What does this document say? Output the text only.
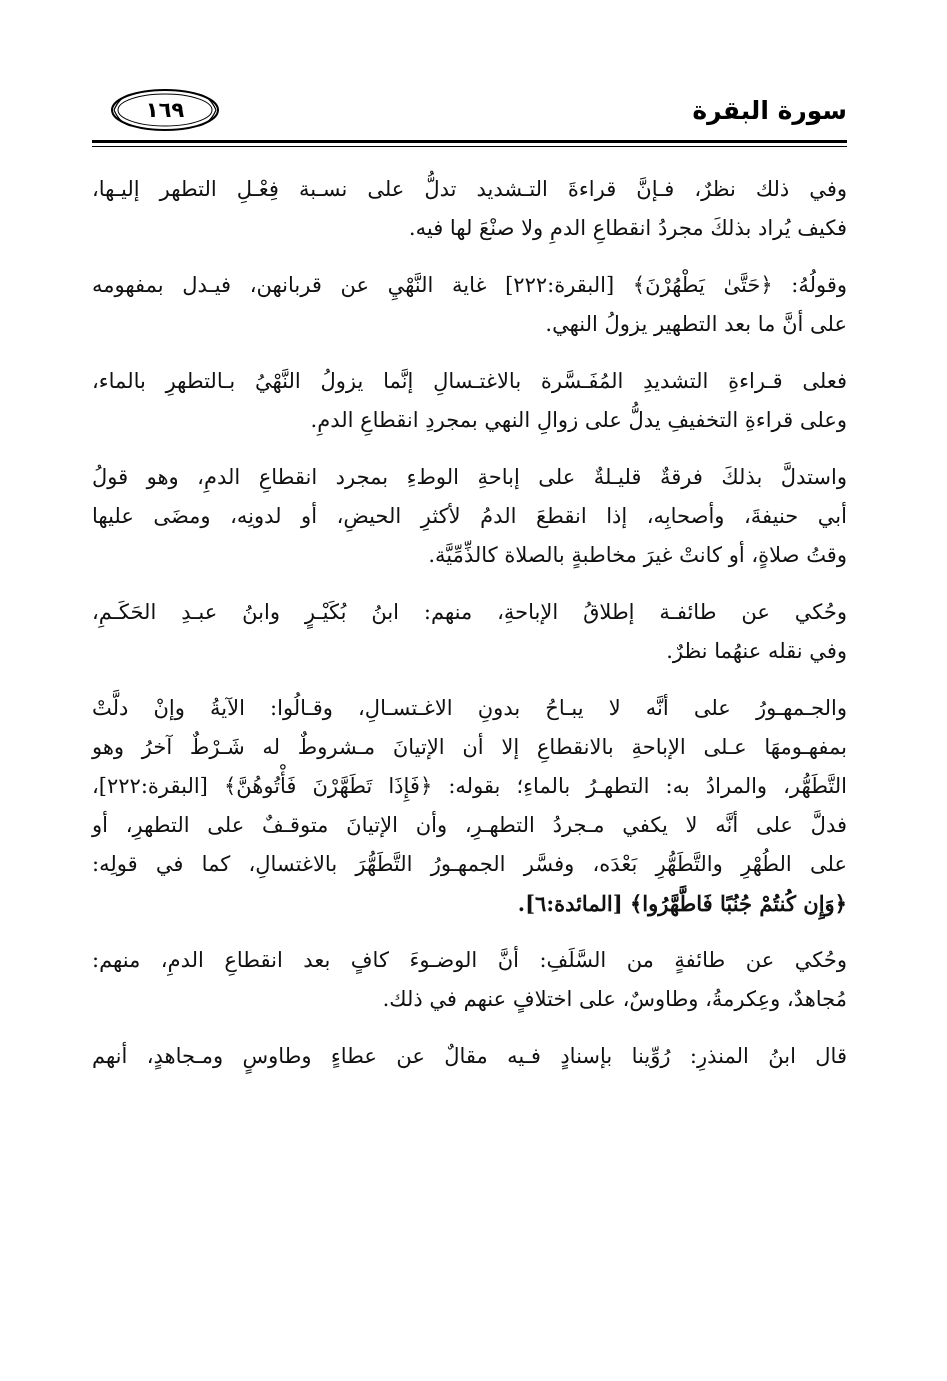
سورة البقرة
١٦٩

وفي ذلك نظرٌ، فـإنَّ قراءةَ التـشديد تدلُّ على نسـبة فِعْـلِ التطهر إليـها،
فكيف يُراد بذلكَ مجردُ انقطاعِ الدمِ ولا صنْعَ لها فيه.

وقولُهُ: ﴿حَتَّىٰ يَطْهُرْنَ﴾ [البقرة:٢٢٢] غاية النَّهْيِ عن قربانهن، فيـدل بمفهومه
على أنَّ ما بعد التطهير يزولُ النهي.

فعلى قـراءةِ التشديدِ المُفَـسَّرة بالاغتـسالِ إنَّما يزولُ النَّهْيُ بـالتطهرِ بالماء،
وعلى قراءةِ التخفيفِ يدلُّ على زوالِ النهي بمجردِ انقطاعِ الدمِ.

واستدلَّ بذلكَ فرقةٌ قليـلةٌ على إباحةِ الوطءِ بمجرد انقطاعِ الدمِ، وهو قولُ
أبي حنيفةَ، وأصحابِه، إذا انقطعَ الدمُ لأكثرِ الحيضِ، أو لدونِه، ومضَى عليها
وقتُ صلاةٍ، أو كانتْ غيرَ مخاطبةٍ بالصلاة كالذِّمِّيَّة.

وحُكي عن طائفـة إطلاقُ الإباحةِ، منهم: ابنُ بُكَيْـرٍ وابنُ عبـدِ الحَكَـمِ،
وفي نقله عنهُما نظرٌ.

والجـمهـورُ على أنَّه لا يبـاحُ بدونِ الاغـتسـالِ، وقـالُوا: الآيةُ وإنْ دلَّتْ
بمفهـومهَا عـلى الإباحةِ بالانقطاعِ إلا أن الإتيانَ مـشروطٌ له شَـرْطٌ آخرُ وهو
التَّطَهُّر، والمرادُ به: التطهـرُ بالماءِ؛ بقوله: ﴿فَإِذَا تَطَهَّرْنَ فَأْتُوهُنَّ﴾ [البقرة:٢٢٢]،
فدلَّ على أنَّه لا يكفي مـجردُ التطهـرِ، وأن الإتيانَ متوقـفٌ على التطهرِ، أو
على الطُهْرِ والتَّطَهُّرِ بَعْدَه، وفسَّر الجمهـورُ التَّطَهُّرَ بالاغتسالِ، كما في قولِه:
﴿وَإِن كُنتُمْ جُنُبًا فَاطَّهَّرُوا﴾ [المائدة:٦].

وحُكي عن طائفةٍ من السَّلَفِ: أنَّ الوضـوءَ كافٍ بعد انقطاعِ الدمِ، منهم:
مُجاهدٌ، وعِكرمةُ، وطاوسٌ، على اختلافٍ عنهم في ذلك.

قال ابنُ المنذرِ: رُوِّينا بإسنادٍ فـيه مقالٌ عن عطاءٍ وطاوسٍ ومـجاهدٍ، أنهم
